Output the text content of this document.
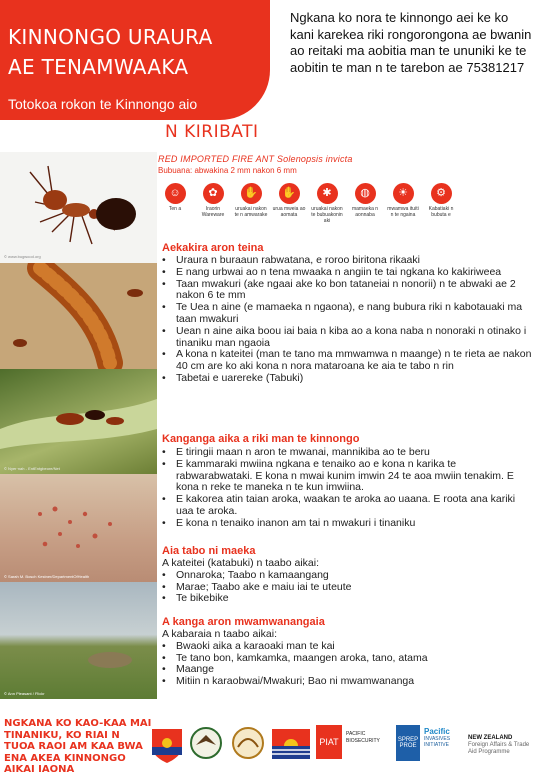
KINNONGO URAURA
AE TENAMWAAKA
Totokoa rokon te Kinnongo aio
Ngkana ko nora te kinnongo aei ke ko kani karekea riki rongorongona ae bwanin ao reitaki ma aobitia man te ununiki ke te aobitin te man n te tarebon ae 75381217
N KIRIBATI
© www.bugwood.org
© Nyer·nah - EntEntgbeore/Net
© Sarah M. Bosch Kestner/DepartmentOfHealth
© Ann Pleasant / Flickr
RED IMPORTED FIRE ANT Solenopsis invicta
Bubuana: abwakina 2 mm nakon 6 mm
☺
Ten a
✿
Iraorin Wareware
✋
uruakai nakon te n amwarake
✋
urua mweia ao aomata
✱
uruakai nakon te bubuakonin aki
◍
mamaeka n aonnaba
☀
mwamwa ituiti n te ngaina
⚙
Kabatiaki n bubuta e
Aekakira aron teina
• Uraura n buraaun rabwatana, e roroo biritona rikaaki
• E nang urbwai ao n tena mwaaka n angiin te tai ngkana ko kakiriweea
• Taan mwakuri (ake ngaai ake ko bon tataneiai n nonorii) n te abwaki ae 2 nakon 6 te mm
• Te Uea n aine (e mamaeka n ngaona), e nang bubura riki n kabotauaki ma taan mwakuri
• Uean n aine aika boou iai baia n kiba ao a kona naba n nonoraki n otinako i tinaniku man ngaoia
• A kona n kateitei (man te tano ma mmwamwa n maange) n te rieta ae nakon 40 cm are ko aki kona n nora mataroana ke aia te tabo n rin
• Tabetai e uarereke (Tabuki)
Kanganga aika a riki man te kinnongo
• E tiringii maan n aron te mwanai, mannikiba ao te beru
• E kammaraki mwiina ngkana e tenaiko ao e kona n karika te rabwarabwataki. E kona n mwai kunim imwin 24 te aoa mwiin tenakim. E kona n reke te maneka n te kun imwiina.
• E kakorea atin taian aroka, waakan te aroka ao uaana. E roota ana kariki uaa te aroka.
• E kona n tenaiko inanon am tai n mwakuri i tinaniku
Aia tabo ni maeka
A kateitei (katabuki) n taabo aikai:
• Onnaroka; Taabo n kamaangang
• Marae; Taabo ake e maiu iai te uteute
• Te bikebike
A kanga aron mwamwanangaia
A kabaraia n taabo aikai:
• Bwaoki aika a karaoaki man te kai
• Te tano bon, kamkamka, maangen aroka, tano, atama
• Maange
• Mitiin n karaobwai/Mwakuri; Bao ni mwamwananga
NGKANA KO KAO-KAA MAI TINANIKU, KO RIAI N TUOA RAOI AM KAA BWA ENA AKEA KINNONGO AIKAI IAONA
PIAT
PACIFIC
BIOSECURITY	SPREP
PROE
Pacific
INVASIVES
INITIATIVE
NEW ZEALAND
Foreign Affairs & Trade
Aid Programme
